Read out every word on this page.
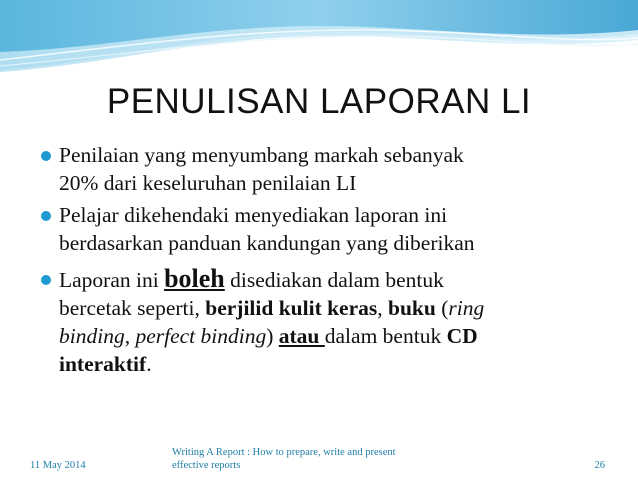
PENULISAN LAPORAN LI
Penilaian yang menyumbang markah sebanyak
20% dari keseluruhan penilaian LI
Pelajar dikehendaki menyediakan laporan ini
berdasarkan panduan kandungan yang diberikan
Laporan ini boleh disediakan dalam bentuk
bercetak seperti, berjilid kulit keras, buku (ring
binding, perfect binding) atau dalam bentuk CD
interaktif.
11 May 2014
Writing A Report : How to prepare, write and present effective reports	26
